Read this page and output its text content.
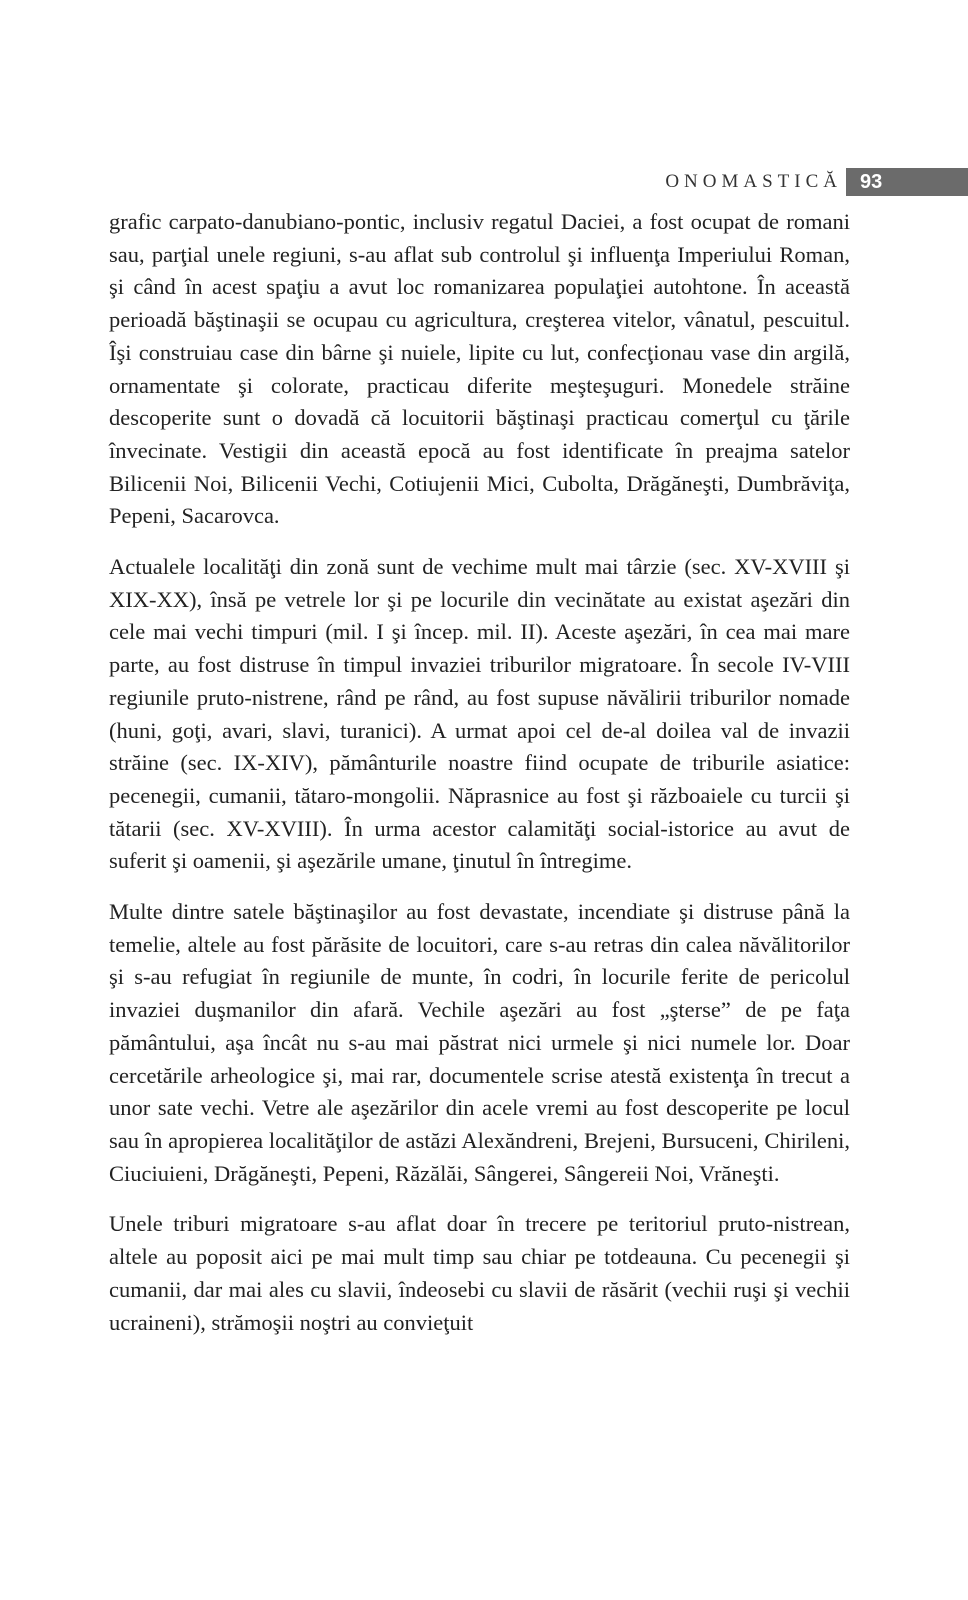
ONOMASTICĂ 93

grafic carpato-danubiano-pontic, inclusiv regatul Daciei, a fost ocupat de romani sau, parţial unele regiuni, s-au aflat sub controlul şi influenţa Imperiului Roman, şi când în acest spaţiu a avut loc romanizarea populaţiei autohtone. În această perioadă băştinaşii se ocupau cu agricultura, creşterea vitelor, vânatul, pescuitul. Îşi construiau case din bârne şi nuiele, lipite cu lut, confecţionau vase din argilă, ornamentate şi colorate, practicau diferite meşteşuguri. Monedele străine descoperite sunt o dovadă că locuitorii băştinaşi practicau comerţul cu ţările învecinate. Vestigii din această epocă au fost identificate în preajma satelor Bilicenii Noi, Bilicenii Vechi, Cotiujenii Mici, Cubolta, Drăgăneşti, Dumbrăviţa, Pepeni, Sacarovca.

Actualele localităţi din zonă sunt de vechime mult mai târzie (sec. XV-XVIII şi XIX-XX), însă pe vetrele lor şi pe locurile din vecinătate au existat aşezări din cele mai vechi timpuri (mil. I şi încep. mil. II). Aceste aşezări, în cea mai mare parte, au fost distruse în timpul invaziei triburilor migratoare. În secole IV-VIII regiunile pruto-nistrene, rând pe rând, au fost supuse năvălirii triburilor nomade (huni, goţi, avari, slavi, turanici). A urmat apoi cel de-al doilea val de invazii străine (sec. IX-XIV), pământurile noastre fiind ocupate de triburile asiatice: pecenegii, cumanii, tătaro-mongolii. Năprasnice au fost şi războaiele cu turcii şi tătarii (sec. XV-XVIII). În urma acestor calamităţi social-istorice au avut de suferit şi oamenii, şi aşezările umane, ţinutul în întregime.

Multe dintre satele băştinaşilor au fost devastate, incendiate şi distruse până la temelie, altele au fost părăsite de locuitori, care s-au retras din calea năvălitorilor şi s-au refugiat în regiunile de munte, în codri, în locurile ferite de pericolul invaziei duşmanilor din afară. Vechile aşezări au fost „şterse” de pe faţa pământului, aşa încât nu s-au mai păstrat nici urmele şi nici numele lor. Doar cercetările arheologice şi, mai rar, documentele scrise atestă existenţa în trecut a unor sate vechi. Vetre ale aşezărilor din acele vremi au fost descoperite pe locul sau în apropierea localităţilor de astăzi Alexăndreni, Brejeni, Bursuceni, Chirileni, Ciuciuieni, Drăgăneşti, Pepeni, Răzălăi, Sângerei, Sângereii Noi, Vrăneşti.

Unele triburi migratoare s-au aflat doar în trecere pe teritoriul pruto-nistrean, altele au poposit aici pe mai mult timp sau chiar pe totdeauna. Cu pecenegii şi cumanii, dar mai ales cu slavii, îndeosebi cu slavii de răsărit (vechii ruşi şi vechii ucraineni), strămoşii noştri au convieţuit
